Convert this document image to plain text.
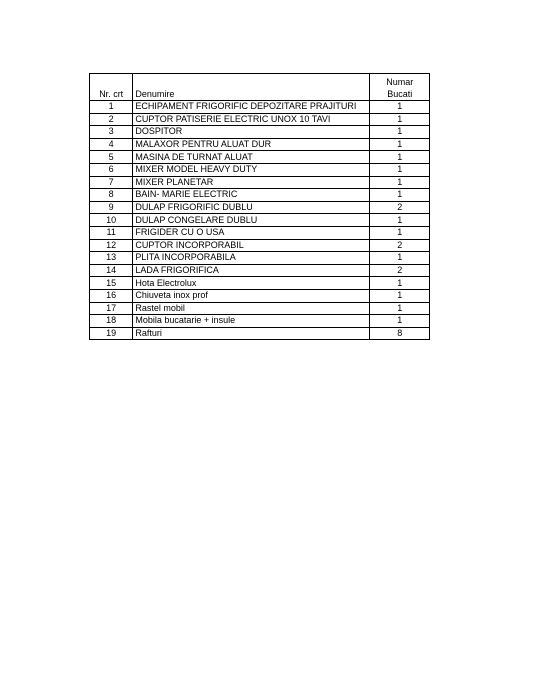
Nr. crt	Denumire	Numar
Bucati
1	ECHIPAMENT FRIGORIFIC DEPOZITARE PRAJITURI	1
2	CUPTOR PATISERIE ELECTRIC UNOX 10 TAVI	1
3	DOSPITOR	1
4	MALAXOR PENTRU ALUAT DUR	1
5	MASINA DE TURNAT ALUAT	1
6	MIXER MODEL HEAVY DUTY	1
7	MIXER PLANETAR	1
8	BAIN- MARIE ELECTRIC	1
9	DULAP FRIGORIFIC DUBLU	2
10	DULAP CONGELARE DUBLU	1
11	FRIGIDER CU O USA	1
12	CUPTOR INCORPORABIL	2
13	PLITA INCORPORABILA	1
14	LADA FRIGORIFICA	2
15	Hota Electrolux	1
16	Chiuveta inox prof	1
17	Rastel mobil	1
18	Mobila bucatarie + insule	1
19	Rafturi	8
